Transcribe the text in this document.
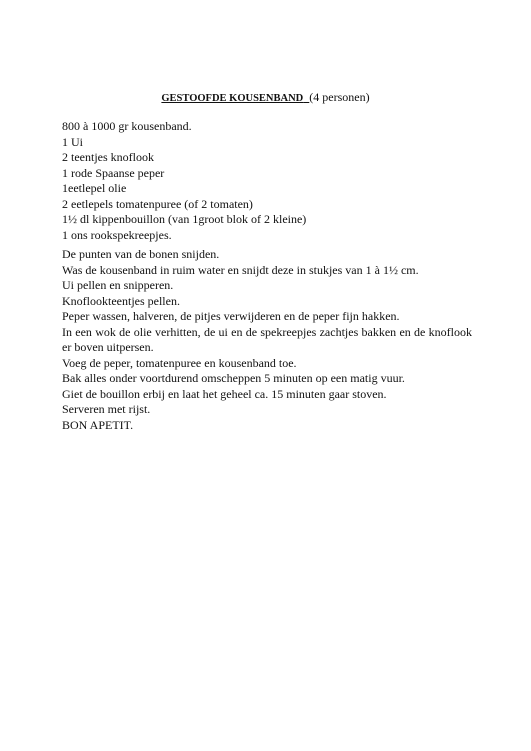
GESTOOFDE KOUSENBAND (4 personen)
800 à 1000 gr kousenband.
1 Ui
2 teentjes knoflook
1 rode Spaanse peper
1eetlepel olie
2 eetlepels tomatenpuree (of 2 tomaten)
1½ dl kippenbouillon (van 1groot blok of 2 kleine)
1 ons rookspekreepjes.
De punten van de bonen snijden.
Was de kousenband in ruim water en snijdt deze in stukjes van 1 à 1½ cm.
Ui pellen en snipperen.
Knoflookteentjes pellen.
Peper wassen, halveren, de pitjes verwijderen en de peper fijn hakken.
In een wok de olie verhitten, de ui en de spekreepjes zachtjes bakken en de knoflook er boven uitpersen.
Voeg de peper, tomatenpuree en kousenband toe.
Bak alles onder voortdurend omscheppen 5 minuten op een matig vuur.
Giet de bouillon erbij en laat het geheel ca. 15 minuten gaar stoven.
Serveren met rijst.
BON APETIT.
